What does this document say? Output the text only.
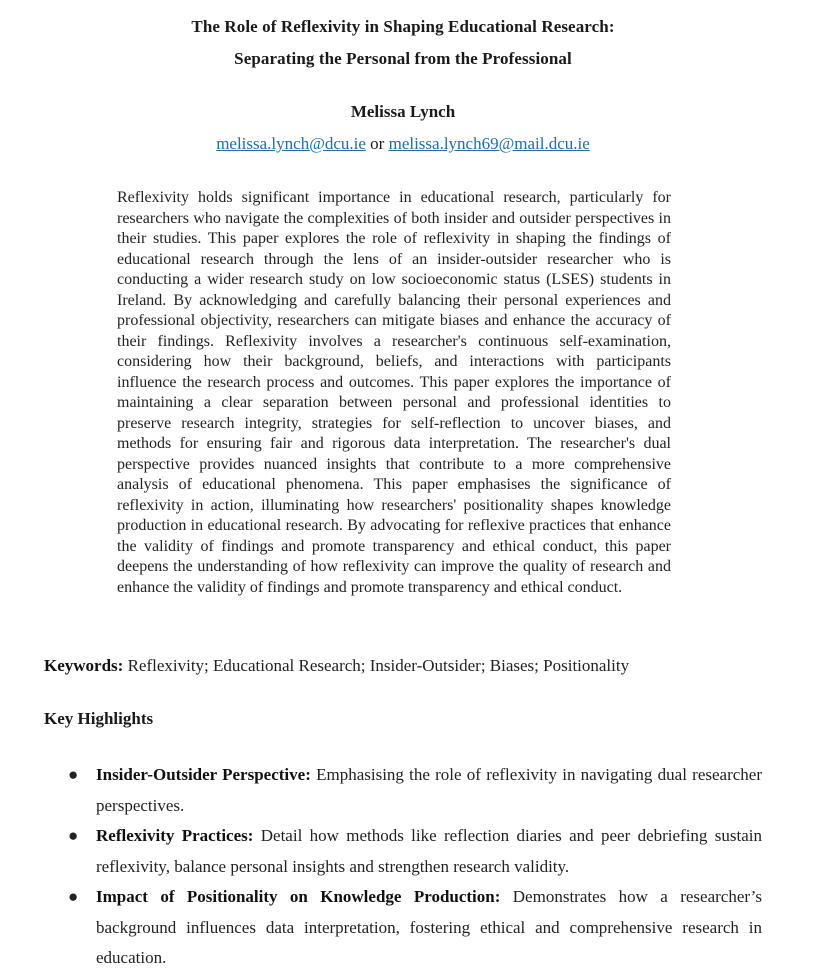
The Role of Reflexivity in Shaping Educational Research:
Separating the Personal from the Professional
Melissa Lynch
melissa.lynch@dcu.ie or melissa.lynch69@mail.dcu.ie

Reflexivity holds significant importance in educational research, particularly for researchers who navigate the complexities of both insider and outsider perspectives in their studies. This paper explores the role of reflexivity in shaping the findings of educational research through the lens of an insider-outsider researcher who is conducting a wider research study on low socioeconomic status (LSES) students in Ireland. By acknowledging and carefully balancing their personal experiences and professional objectivity, researchers can mitigate biases and enhance the accuracy of their findings. Reflexivity involves a researcher's continuous self-examination, considering how their background, beliefs, and interactions with participants influence the research process and outcomes. This paper explores the importance of maintaining a clear separation between personal and professional identities to preserve research integrity, strategies for self-reflection to uncover biases, and methods for ensuring fair and rigorous data interpretation. The researcher's dual perspective provides nuanced insights that contribute to a more comprehensive analysis of educational phenomena. This paper emphasises the significance of reflexivity in action, illuminating how researchers' positionality shapes knowledge production in educational research. By advocating for reflexive practices that enhance the validity of findings and promote transparency and ethical conduct, this paper deepens the understanding of how reflexivity can improve the quality of research and enhance the validity of findings and promote transparency and ethical conduct.

Keywords: Reflexivity; Educational Research; Insider-Outsider; Biases; Positionality
Key Highlights
● Insider-Outsider Perspective: Emphasising the role of reflexivity in navigating dual researcher perspectives.
● Reflexivity Practices: Detail how methods like reflection diaries and peer debriefing sustain reflexivity, balance personal insights and strengthen research validity.
● Impact of Positionality on Knowledge Production: Demonstrates how a researcher’s background influences data interpretation, fostering ethical and comprehensive research in education.
